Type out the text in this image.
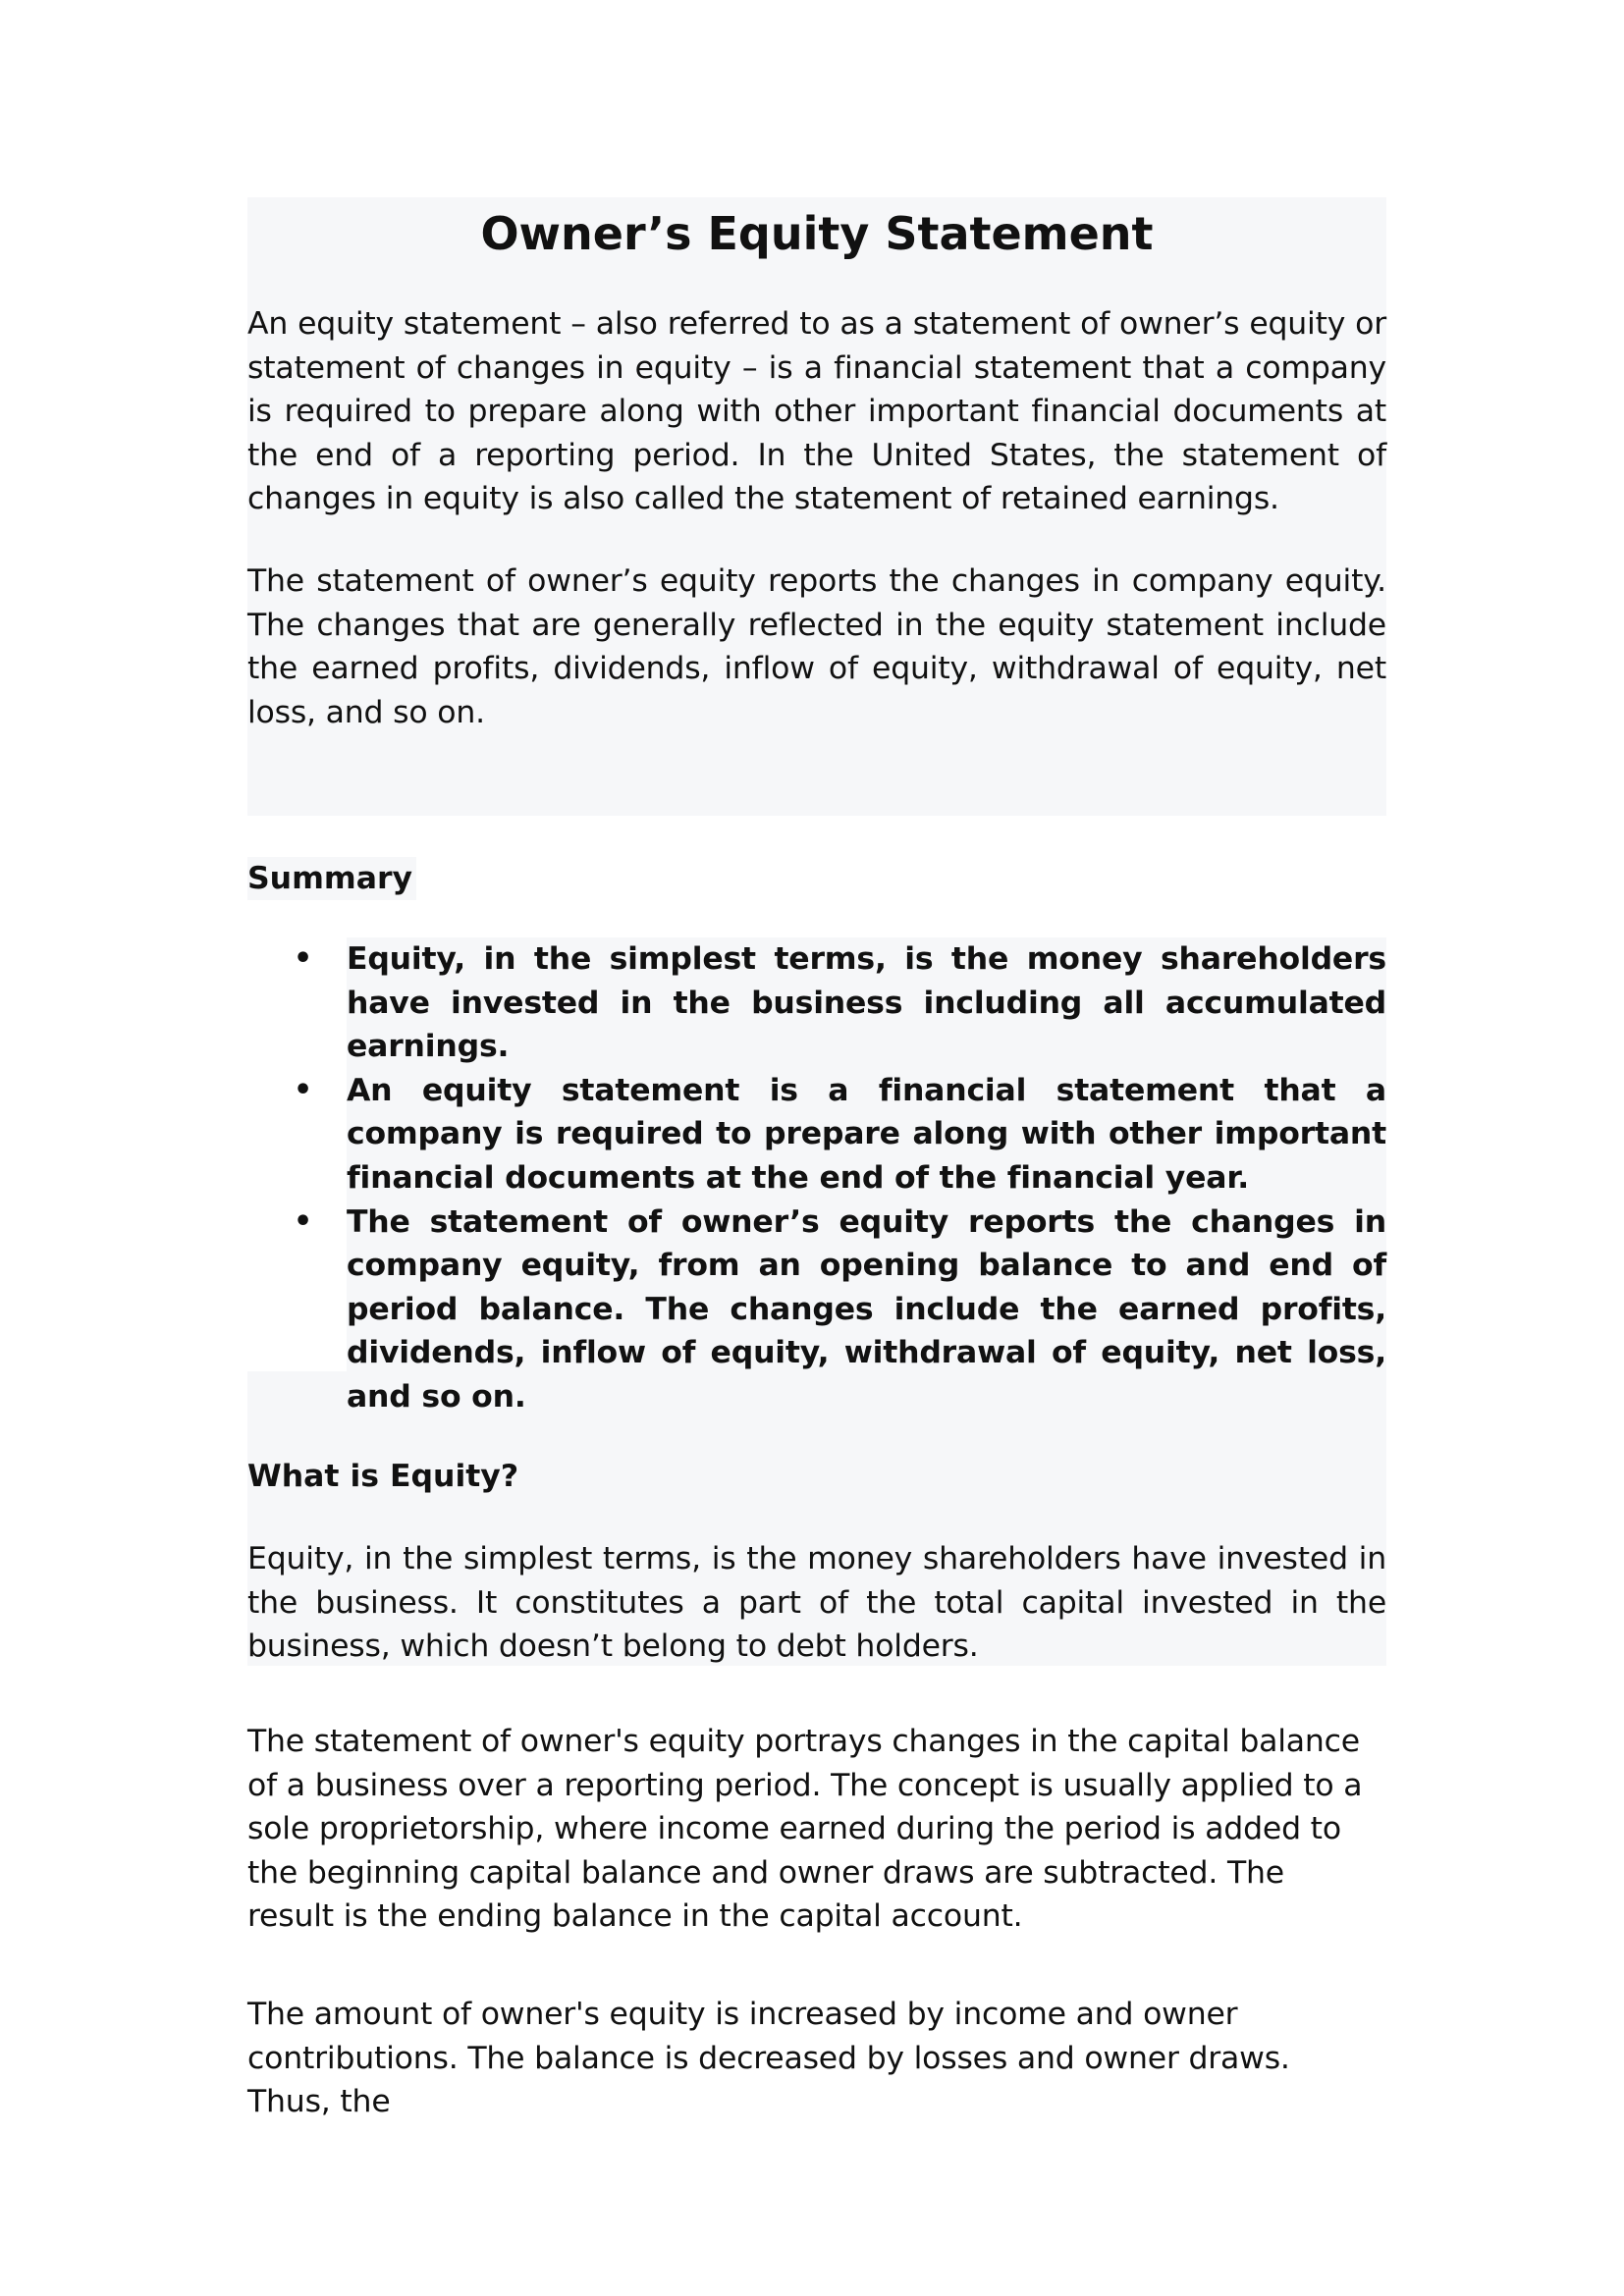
Owner’s Equity Statement

An equity statement – also referred to as a statement of owner’s equity or statement of changes in equity – is a financial statement that a company is required to prepare along with other important financial documents at the end of a reporting period. In the United States, the statement of changes in equity is also called the statement of retained earnings.

The statement of owner’s equity reports the changes in company equity. The changes that are generally reflected in the equity statement include the earned profits, dividends, inflow of equity, withdrawal of equity, net loss, and so on.

Summary
• Equity, in the simplest terms, is the money shareholders have invested in the business including all accumulated earnings.
• An equity statement is a financial statement that a company is required to prepare along with other important financial documents at the end of the financial year.
• The statement of owner’s equity reports the changes in company equity, from an opening balance to and end of period balance. The changes include the earned profits, dividends, inflow of equity, withdrawal of equity, net loss, and so on.
What is Equity?

Equity, in the simplest terms, is the money shareholders have invested in the business. It constitutes a part of the total capital invested in the business, which doesn’t belong to debt holders.

The statement of owner's equity portrays changes in the capital balance of a business over a reporting period. The concept is usually applied to a sole proprietorship, where income earned during the period is added to the beginning capital balance and owner draws are subtracted. The result is the ending balance in the capital account.

The amount of owner's equity is increased by income and owner contributions. The balance is decreased by losses and owner draws. Thus, the
